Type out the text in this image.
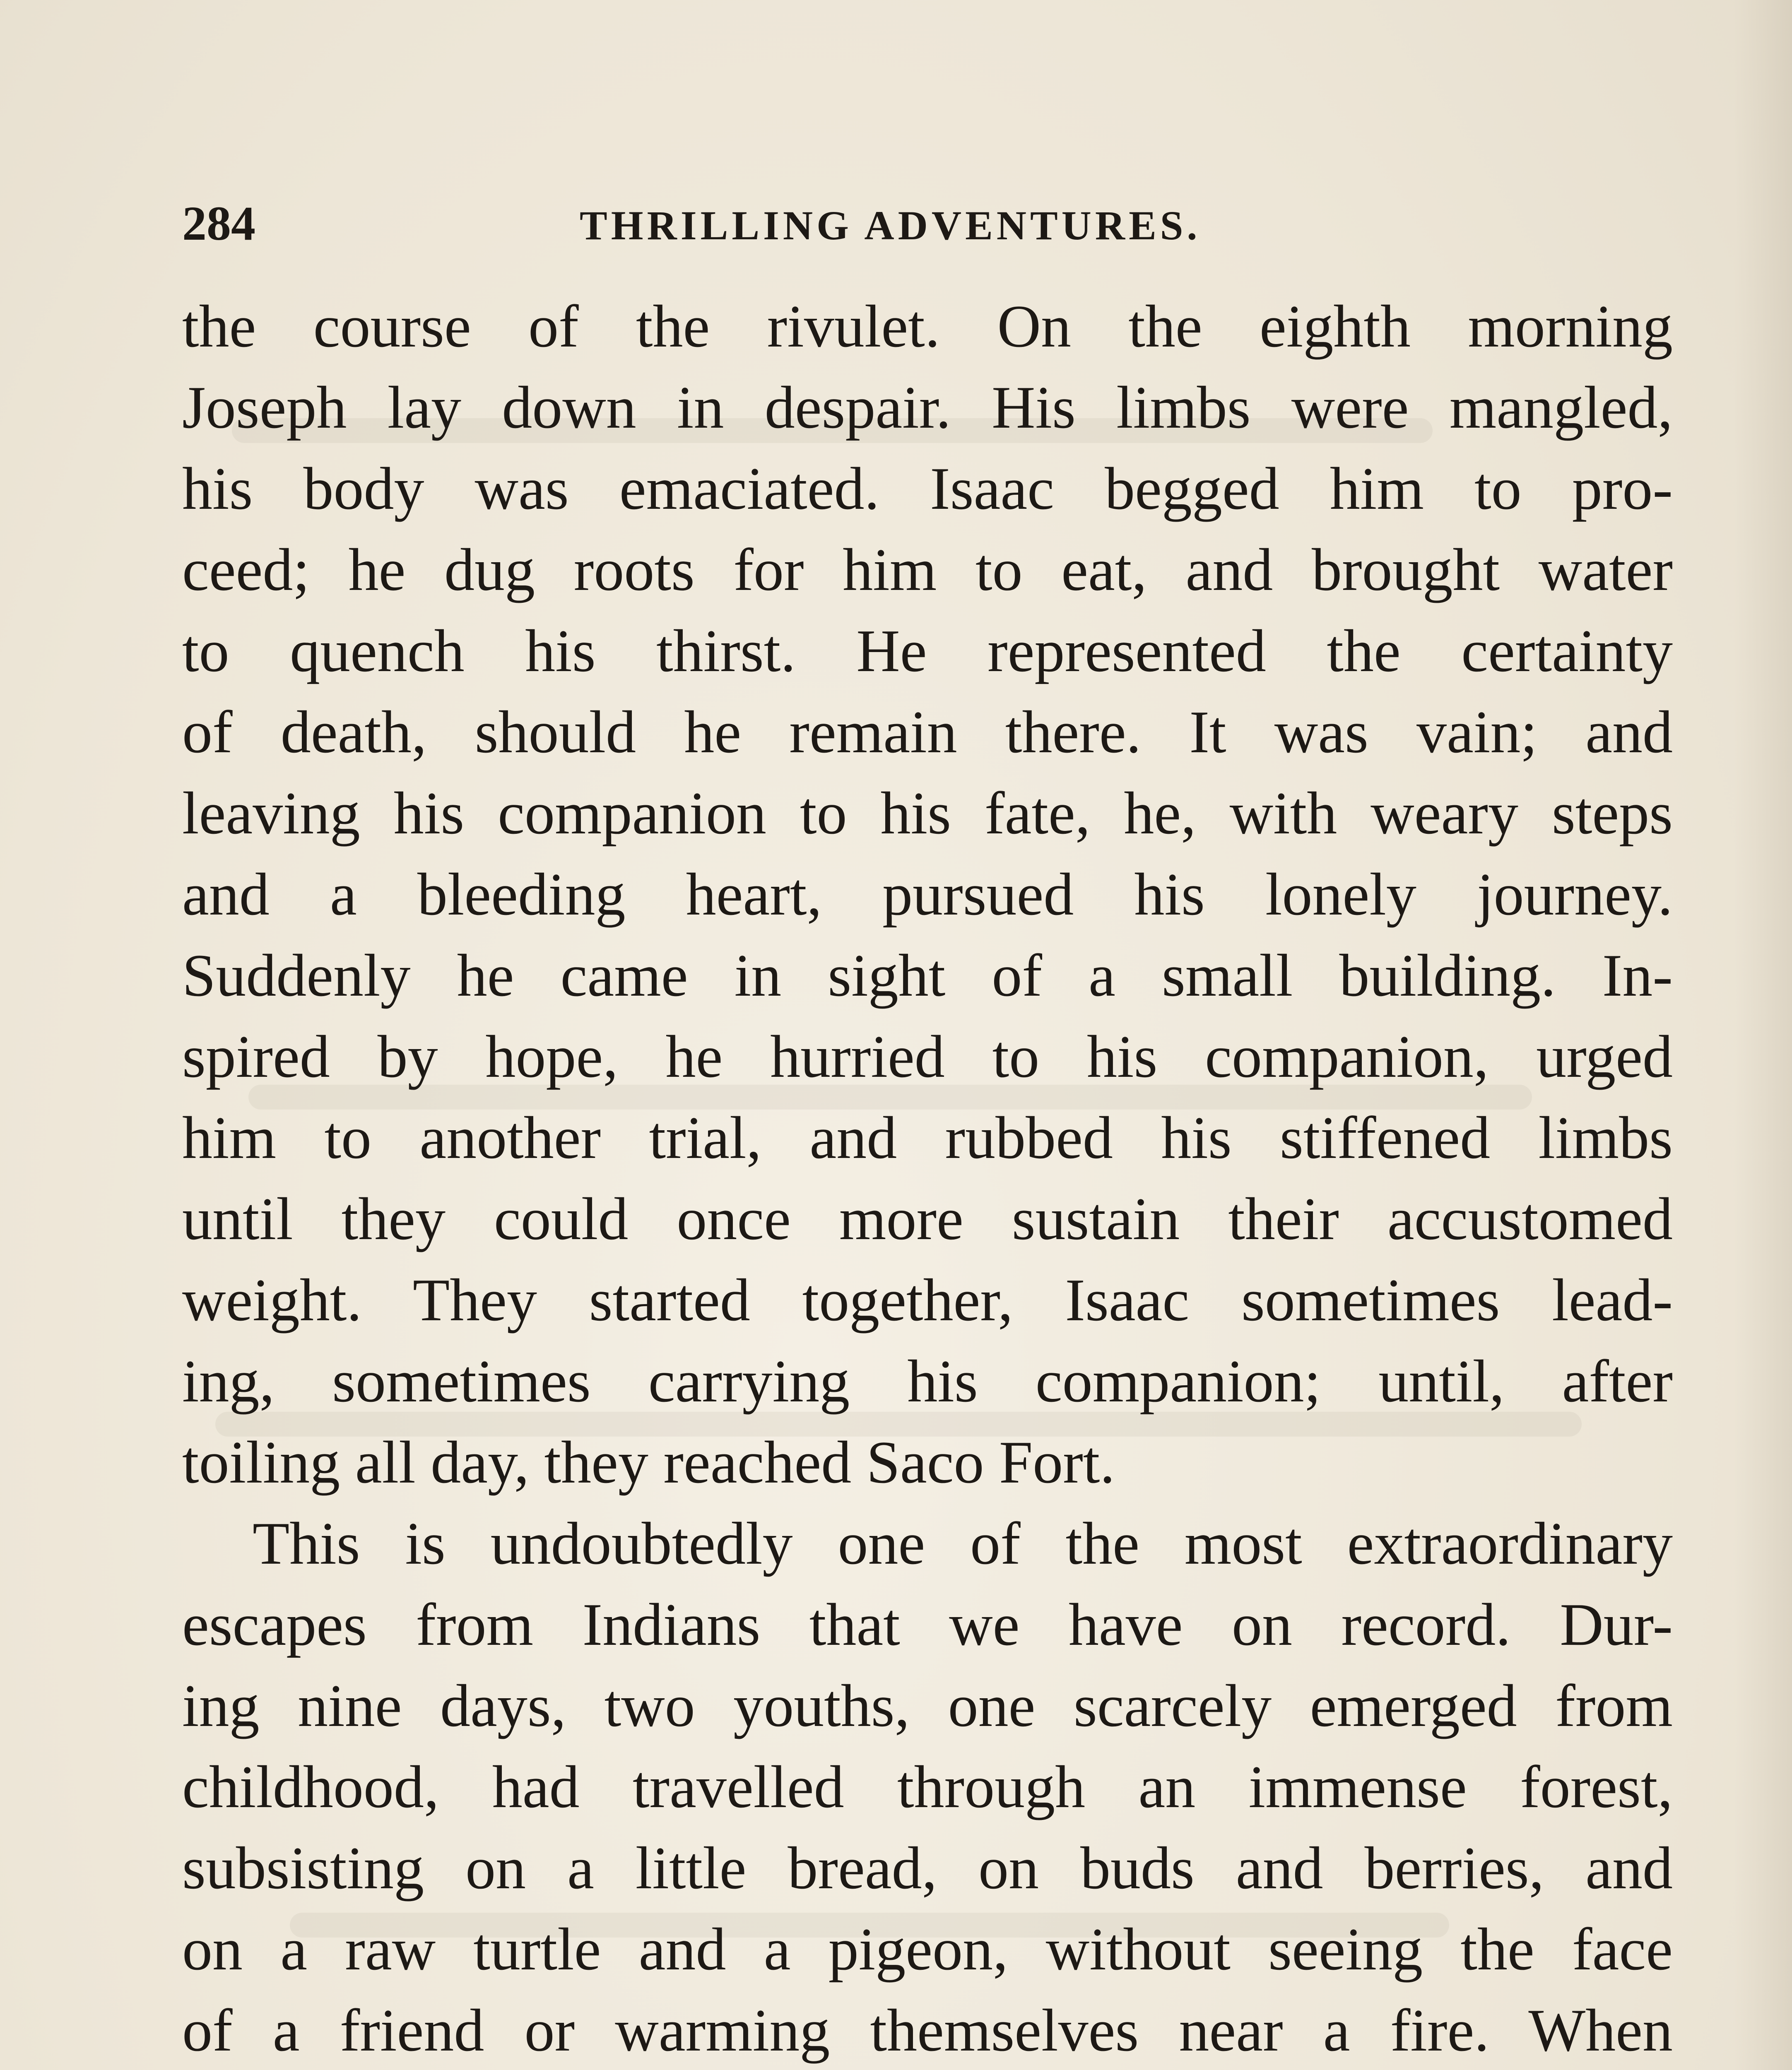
284	THRILLING ADVENTURES.
the course of the rivulet. On the eighth morning
Joseph lay down in despair. His limbs were mangled,
his body was emaciated. Isaac begged him to pro-
ceed; he dug roots for him to eat, and brought water
to quench his thirst. He represented the certainty
of death, should he remain there. It was vain; and
leaving his companion to his fate, he, with weary steps
and a bleeding heart, pursued his lonely journey.
Suddenly he came in sight of a small building. In-
spired by hope, he hurried to his companion, urged
him to another trial, and rubbed his stiffened limbs
until they could once more sustain their accustomed
weight. They started together, Isaac sometimes lead-
ing, sometimes carrying his companion; until, after
toiling all day, they reached Saco Fort.
This is undoubtedly one of the most extraordinary
escapes from Indians that we have on record. Dur-
ing nine days, two youths, one scarcely emerged from
childhood, had travelled through an immense forest,
subsisting on a little bread, on buds and berries, and
on a raw turtle and a pigeon, without seeing the face
of a friend or warming themselves near a fire. When
